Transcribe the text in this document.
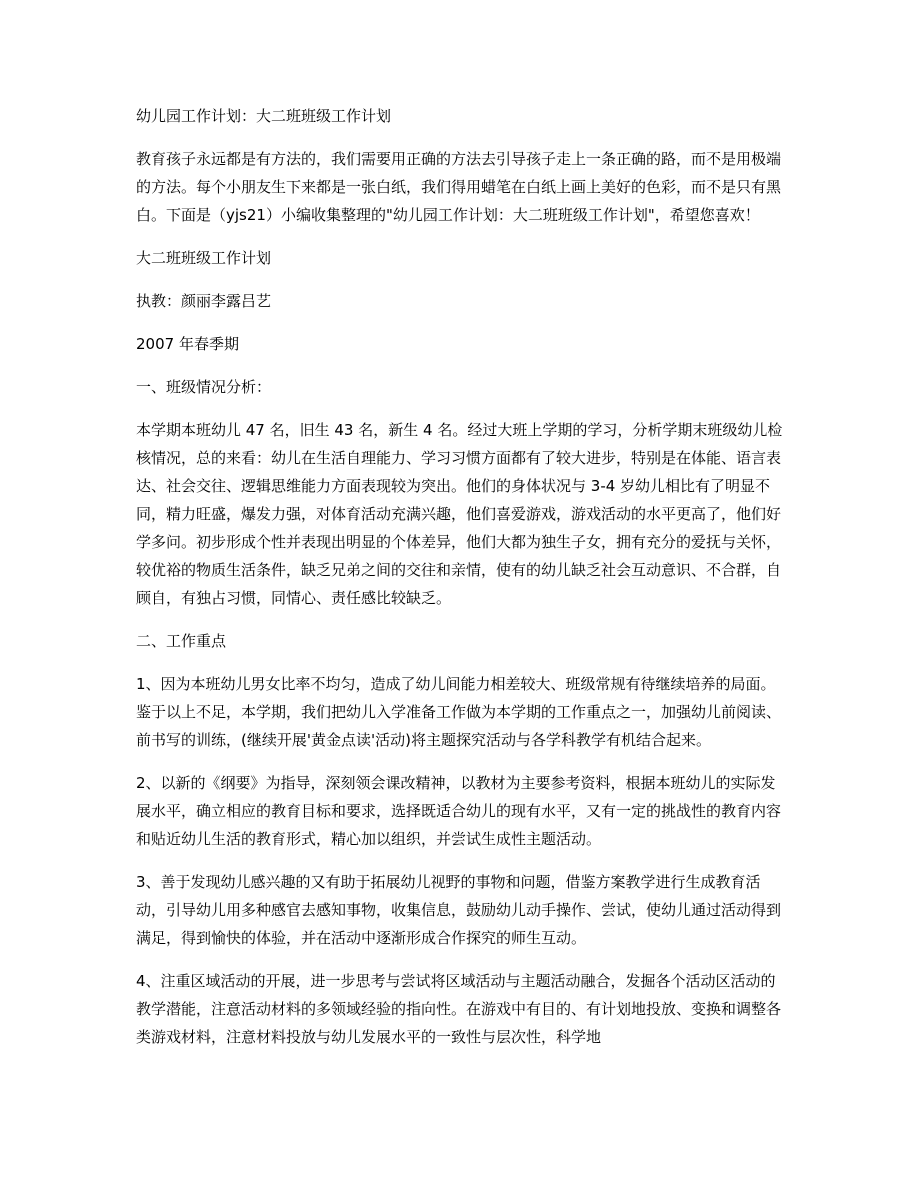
幼儿园工作计划：大二班班级工作计划
教育孩子永远都是有方法的，我们需要用正确的方法去引导孩子走上一条正确的路，而不是用极端的方法。每个小朋友生下来都是一张白纸，我们得用蜡笔在白纸上画上美好的色彩，而不是只有黑白。下面是（yjs21）小编收集整理的"幼儿园工作计划：大二班班级工作计划"，希望您喜欢！
大二班班级工作计划
执教：颜丽李露吕艺
2007 年春季期
一、班级情况分析：
本学期本班幼儿 47 名，旧生 43 名，新生 4 名。经过大班上学期的学习，分析学期末班级幼儿检核情况，总的来看：幼儿在生活自理能力、学习习惯方面都有了较大进步，特别是在体能、语言表达、社会交往、逻辑思维能力方面表现较为突出。他们的身体状况与 3-4 岁幼儿相比有了明显不同，精力旺盛，爆发力强，对体育活动充满兴趣，他们喜爱游戏，游戏活动的水平更高了，他们好学多问。初步形成个性并表现出明显的个体差异，他们大都为独生子女，拥有充分的爱抚与关怀，较优裕的物质生活条件，缺乏兄弟之间的交往和亲情，使有的幼儿缺乏社会互动意识、不合群，自顾自，有独占习惯，同情心、责任感比较缺乏。
二、工作重点
1、因为本班幼儿男女比率不均匀，造成了幼儿间能力相差较大、班级常规有待继续培养的局面。鉴于以上不足，本学期，我们把幼儿入学准备工作做为本学期的工作重点之一，加强幼儿前阅读、前书写的训练，(继续开展'黄金点读'活动)将主题探究活动与各学科教学有机结合起来。
2、以新的《纲要》为指导，深刻领会课改精神，以教材为主要参考资料，根据本班幼儿的实际发展水平，确立相应的教育目标和要求，选择既适合幼儿的现有水平，又有一定的挑战性的教育内容和贴近幼儿生活的教育形式，精心加以组织，并尝试生成性主题活动。
3、善于发现幼儿感兴趣的又有助于拓展幼儿视野的事物和问题，借鉴方案教学进行生成教育活动，引导幼儿用多种感官去感知事物，收集信息，鼓励幼儿动手操作、尝试，使幼儿通过活动得到满足，得到愉快的体验，并在活动中逐渐形成合作探究的师生互动。
4、注重区域活动的开展，进一步思考与尝试将区域活动与主题活动融合，发掘各个活动区活动的教学潜能，注意活动材料的多领域经验的指向性。在游戏中有目的、有计划地投放、变换和调整各类游戏材料，注意材料投放与幼儿发展水平的一致性与层次性，科学地
